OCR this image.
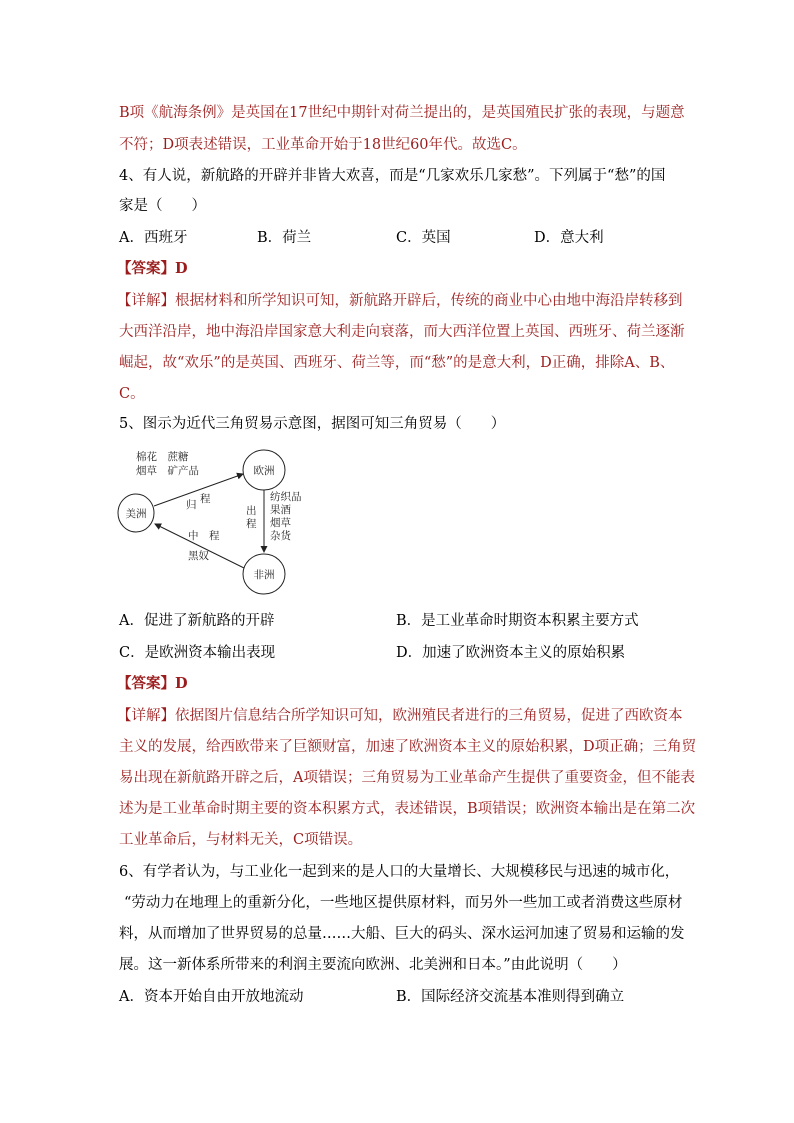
B项《航海条例》是英国在17世纪中期针对荷兰提出的，是英国殖民扩张的表现，与题意
不符；D项表述错误，工业革命开始于18世纪60年代。故选C。
4、有人说，新航路的开辟并非皆大欢喜，而是“几家欢乐几家愁”。下列属于“愁”的国
家是（　　）
A．西班牙	B．荷兰	C．英国	D．意大利
【答案】D
【详解】根据材料和所学知识可知，新航路开辟后，传统的商业中心由地中海沿岸转移到
大西洋沿岸，地中海沿岸国家意大利走向衰落，而大西洋位置上英国、西班牙、荷兰逐渐
崛起，故“欢乐”的是英国、西班牙、荷兰等，而“愁”的是意大利，D正确，排除A、B、
C。
5、图示为近代三角贸易示意图，据图可知三角贸易（　　）
美洲
欧洲
非洲
棉花　蔗糖
烟草　矿产品
程
归	出
程
纺织品
果酒
烟草
杂货
中　程
黑奴
A．促进了新航路的开辟	B．是工业革命时期资本积累主要方式
C．是欧洲资本输出表现	D．加速了欧洲资本主义的原始积累
【答案】D
【详解】依据图片信息结合所学知识可知，欧洲殖民者进行的三角贸易，促进了西欧资本
主义的发展，给西欧带来了巨额财富，加速了欧洲资本主义的原始积累，D项正确；三角贸
易出现在新航路开辟之后，A项错误；三角贸易为工业革命产生提供了重要资金，但不能表
述为是工业革命时期主要的资本积累方式，表述错误，B项错误；欧洲资本输出是在第二次
工业革命后，与材料无关，C项错误。
6、有学者认为，与工业化一起到来的是人口的大量增长、大规模移民与迅速的城市化，
“劳动力在地理上的重新分化，一些地区提供原材料，而另外一些加工或者消费这些原材
料，从而增加了世界贸易的总量……大船、巨大的码头、深水运河加速了贸易和运输的发
展。这一新体系所带来的利润主要流向欧洲、北美洲和日本。”由此说明（　　）
A．资本开始自由开放地流动	B．国际经济交流基本准则得到确立
